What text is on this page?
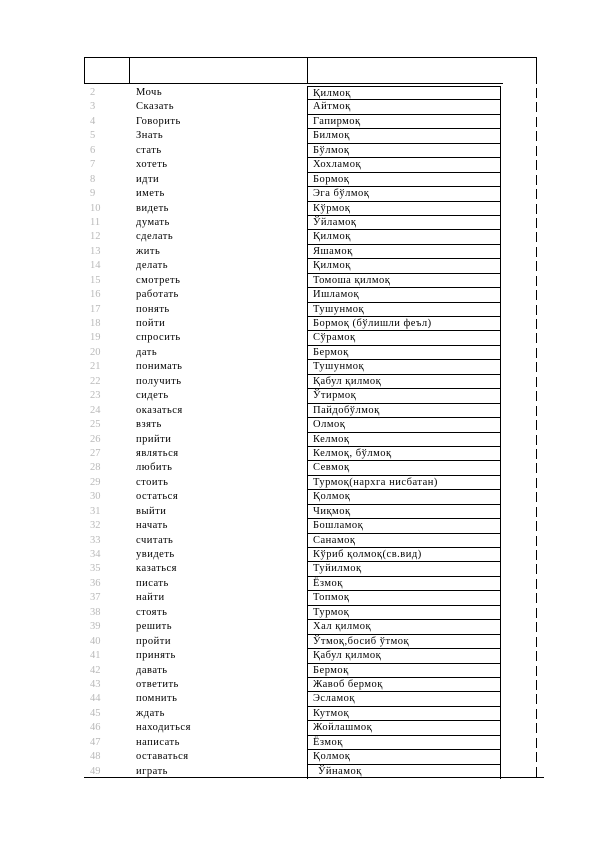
2	Мочь	Қилмоқ
3	Сказать	Айтмоқ
4	Говорить	Гапирмоқ
5	Знать	Билмоқ
6	стать	Бўлмоқ
7	хотеть	Хохламоқ
8	идти	Бормоқ
9	иметь	Эга бўлмоқ
10	видеть	Кўрмоқ
11	думать	Ўйламоқ
12	сделать	Қилмоқ
13	жить	Яшамоқ
14	делать	Қилмоқ
15	смотреть	Томоша қилмоқ
16	работать	Ишламоқ
17	понять	Тушунмоқ
18	пойти	Бормоқ (бўлишли феъл)
19	спросить	Сўрамоқ
20	дать	Бермоқ
21	понимать	Тушунмоқ
22	получить	Қабул қилмоқ
23	сидеть	Ўтирмоқ
24	оказаться	Пайдобўлмоқ
25	взять	Олмоқ
26	прийти	Келмоқ
27	являться	Келмоқ, бўлмоқ
28	любить	Севмоқ
29	стоить	Турмоқ(нархга нисбатан)
30	остаться	Қолмоқ
31	выйти	Чиқмоқ
32	начать	Бошламоқ
33	считать	Санамоқ
34	увидеть	Кўриб қолмоқ(св.вид)
35	казаться	Туйилмоқ
36	писать	Ёзмоқ
37	найти	Топмоқ
38	стоять	Турмоқ
39	решить	Хал қилмоқ
40	пройти	Ўтмоқ,босиб ўтмоқ
41	принять	Қабул қилмоқ
42	давать	Бермоқ
43	ответить	Жавоб бермоқ
44	помнить	Эсламоқ
45	ждать	Кутмоқ
46	находиться	Жойлашмоқ
47	написать	Ёзмоқ
48	оставаться	Қолмоқ
49	играть	Ўйнамоқ
